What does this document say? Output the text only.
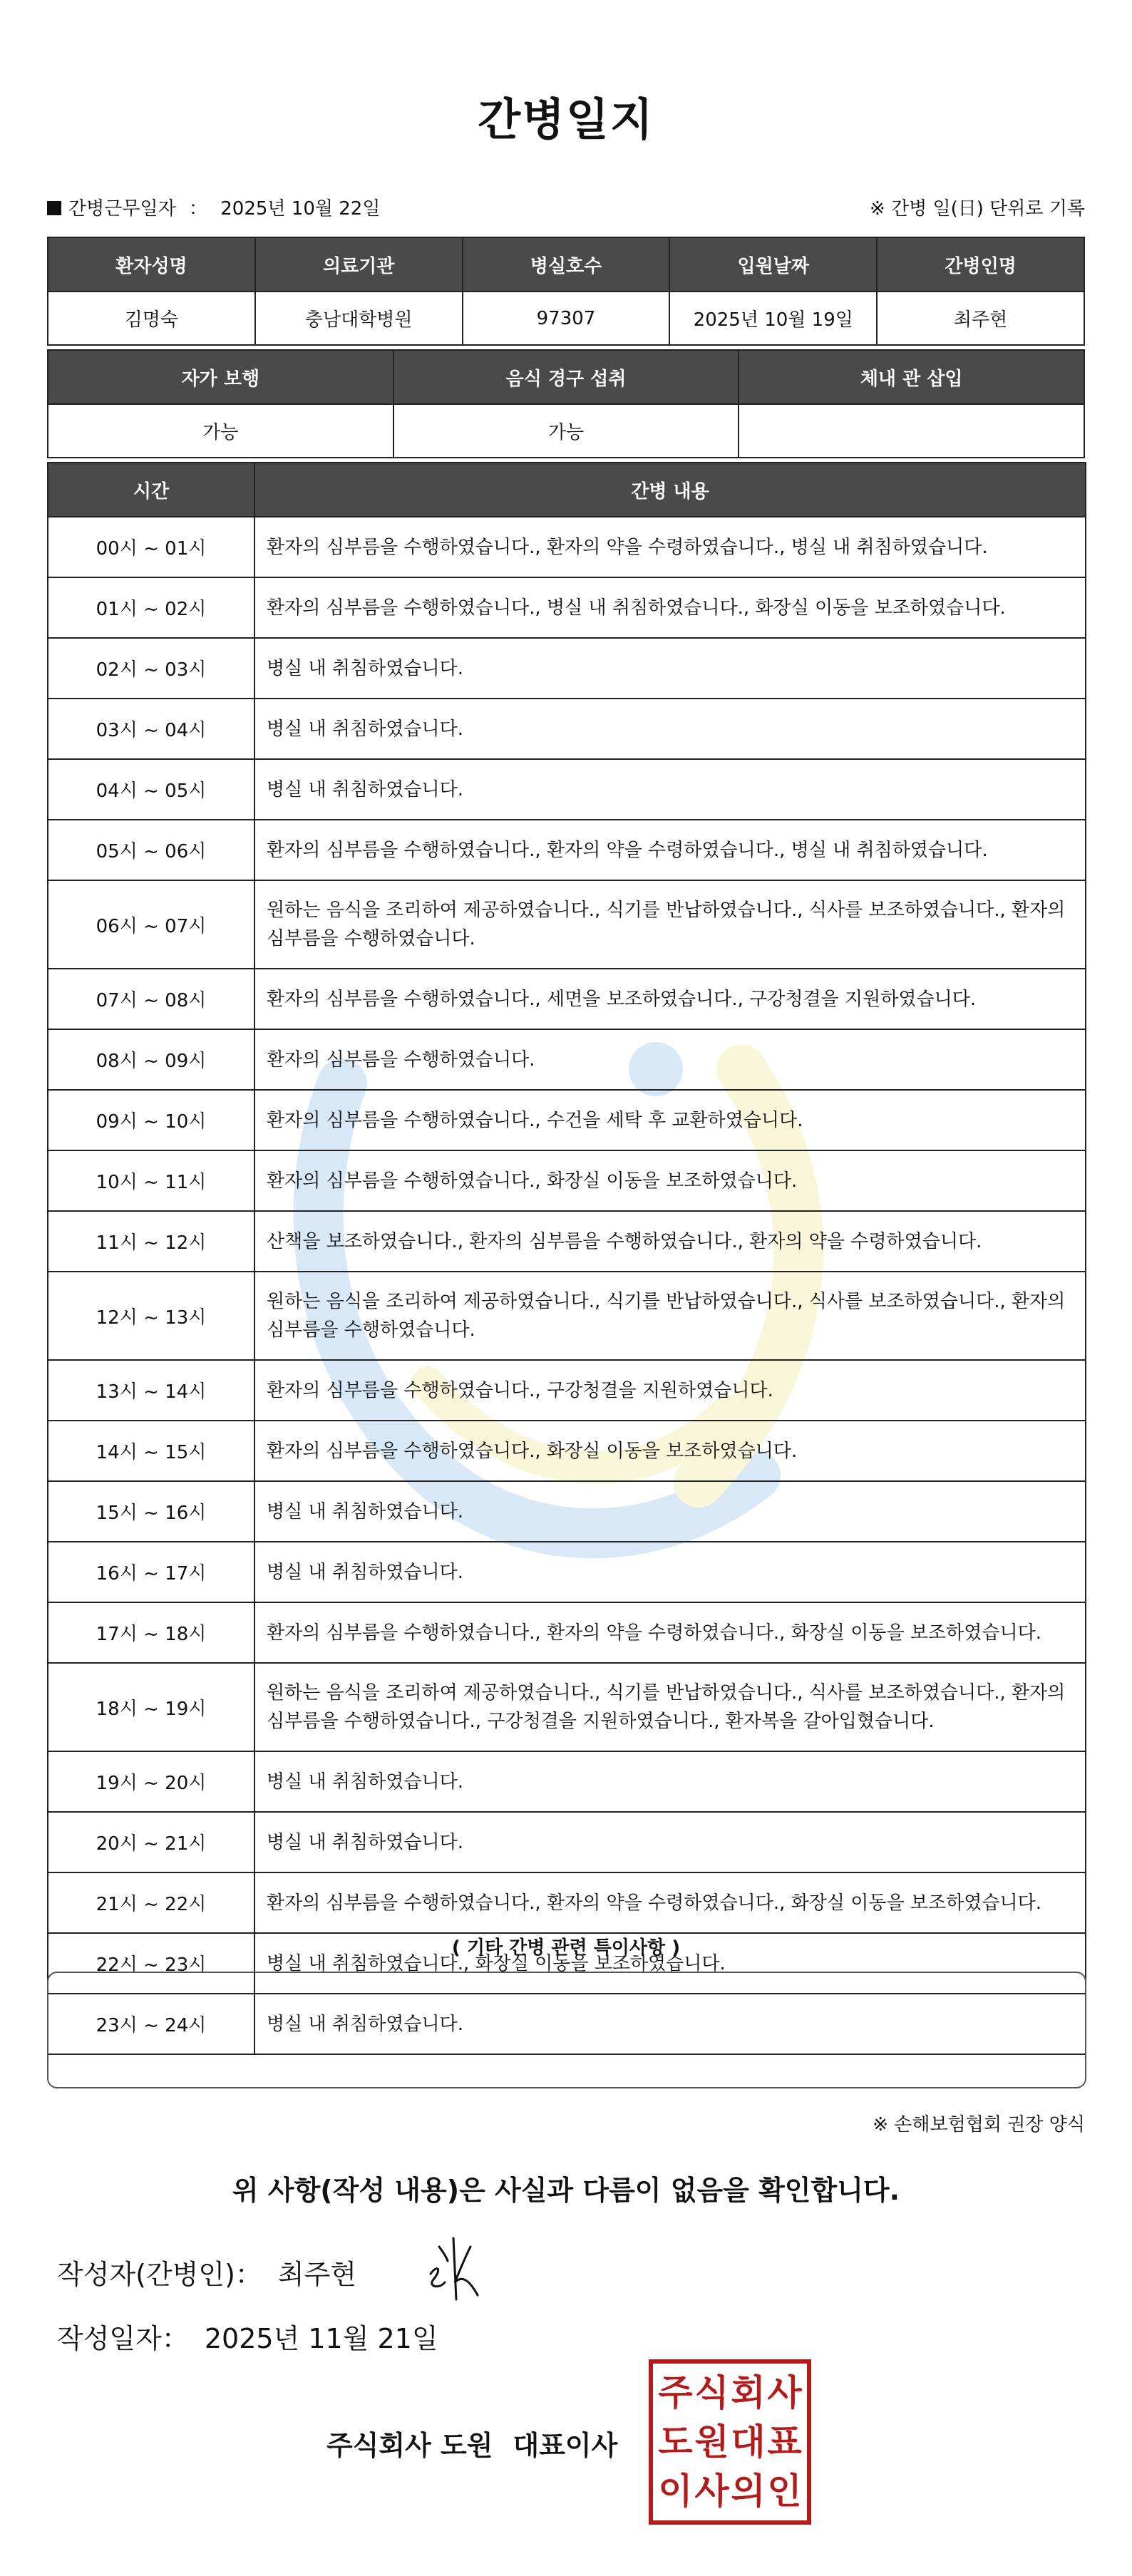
간병일지
간병근무일자 ： 2025년 10월 22일	※ 간병 일(日) 단위로 기록
환자성명	의료기관	병실호수	입원날짜	간병인명
김명숙	충남대학병원	97307	2025년 10월 19일	최주현
자가 보행	음식 경구 섭취	체내 관 삽입
가능	가능	
시간	간병 내용
00시 ~ 01시	환자의 심부름을 수행하였습니다., 환자의 약을 수령하였습니다., 병실 내 취침하였습니다.
01시 ~ 02시	환자의 심부름을 수행하였습니다., 병실 내 취침하였습니다., 화장실 이동을 보조하였습니다.
02시 ~ 03시	병실 내 취침하였습니다.
03시 ~ 04시	병실 내 취침하였습니다.
04시 ~ 05시	병실 내 취침하였습니다.
05시 ~ 06시	환자의 심부름을 수행하였습니다., 환자의 약을 수령하였습니다., 병실 내 취침하였습니다.
06시 ~ 07시	원하는 음식을 조리하여 제공하였습니다., 식기를 반납하였습니다., 식사를 보조하였습니다., 환자의 심부름을 수행하였습니다.
07시 ~ 08시	환자의 심부름을 수행하였습니다., 세면을 보조하였습니다., 구강청결을 지원하였습니다.
08시 ~ 09시	환자의 심부름을 수행하였습니다.
09시 ~ 10시	환자의 심부름을 수행하였습니다., 수건을 세탁 후 교환하였습니다.
10시 ~ 11시	환자의 심부름을 수행하였습니다., 화장실 이동을 보조하였습니다.
11시 ~ 12시	산책을 보조하였습니다., 환자의 심부름을 수행하였습니다., 환자의 약을 수령하였습니다.
12시 ~ 13시	원하는 음식을 조리하여 제공하였습니다., 식기를 반납하였습니다., 식사를 보조하였습니다., 환자의 심부름을 수행하였습니다.
13시 ~ 14시	환자의 심부름을 수행하였습니다., 구강청결을 지원하였습니다.
14시 ~ 15시	환자의 심부름을 수행하였습니다., 화장실 이동을 보조하였습니다.
15시 ~ 16시	병실 내 취침하였습니다.
16시 ~ 17시	병실 내 취침하였습니다.
17시 ~ 18시	환자의 심부름을 수행하였습니다., 환자의 약을 수령하였습니다., 화장실 이동을 보조하였습니다.
18시 ~ 19시	원하는 음식을 조리하여 제공하였습니다., 식기를 반납하였습니다., 식사를 보조하였습니다., 환자의 심부름을 수행하였습니다., 구강청결을 지원하였습니다., 환자복을 갈아입혔습니다.
19시 ~ 20시	병실 내 취침하였습니다.
20시 ~ 21시	병실 내 취침하였습니다.
21시 ~ 22시	환자의 심부름을 수행하였습니다., 환자의 약을 수령하였습니다., 화장실 이동을 보조하였습니다.
22시 ~ 23시	병실 내 취침하였습니다., 화장실 이동을 보조하였습니다.
23시 ~ 24시	병실 내 취침하였습니다.
( 기타 간병 관련 특이사항 )
※ 손해보험협회 권장 양식
위 사항(작성 내용)은 사실과 다름이 없음을 확인합니다.
작성자(간병인)： 최주현
작성일자： 2025년 11월 21일
주식회사 도원 대표이사
주 식 회 사
도 원 대 표
이 사 의 인
